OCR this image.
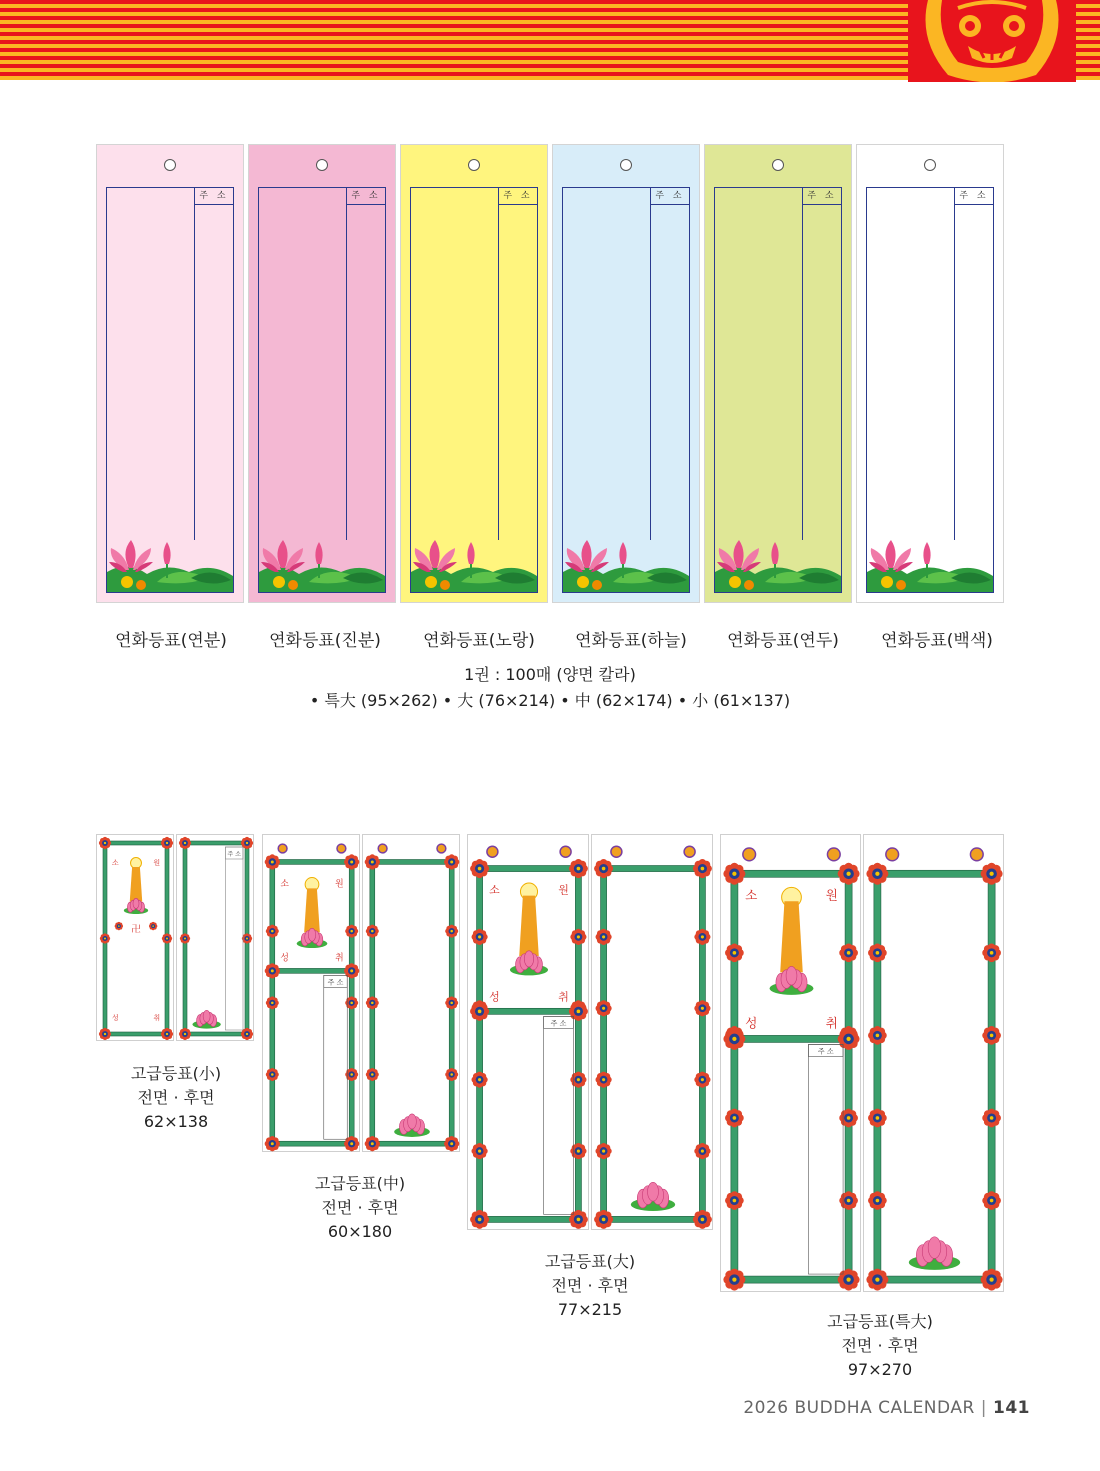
주 소
연화등표(연분)
주 소
연화등표(진분)
주 소
연화등표(노랑)
주 소
연화등표(하늘)
주 소
연화등표(연두)
주 소
연화등표(백색)
1권 : 100매 (양면 칼라)
• 특大 (95×262) • 大 (76×214) • 中 (62×174) • 小 (61×137)
소	원
성	취
卍
주 소
소	원
성	취
주 소
소	원
성	취
주 소
소	원
성	취
주 소
고급등표(小)
전면 · 후면
62×138
고급등표(中)
전면 · 후면
60×180
고급등표(大)
전면 · 후면
77×215
고급등표(특大)
전면 · 후면
97×270
2026 BUDDHA CALENDAR | 141
